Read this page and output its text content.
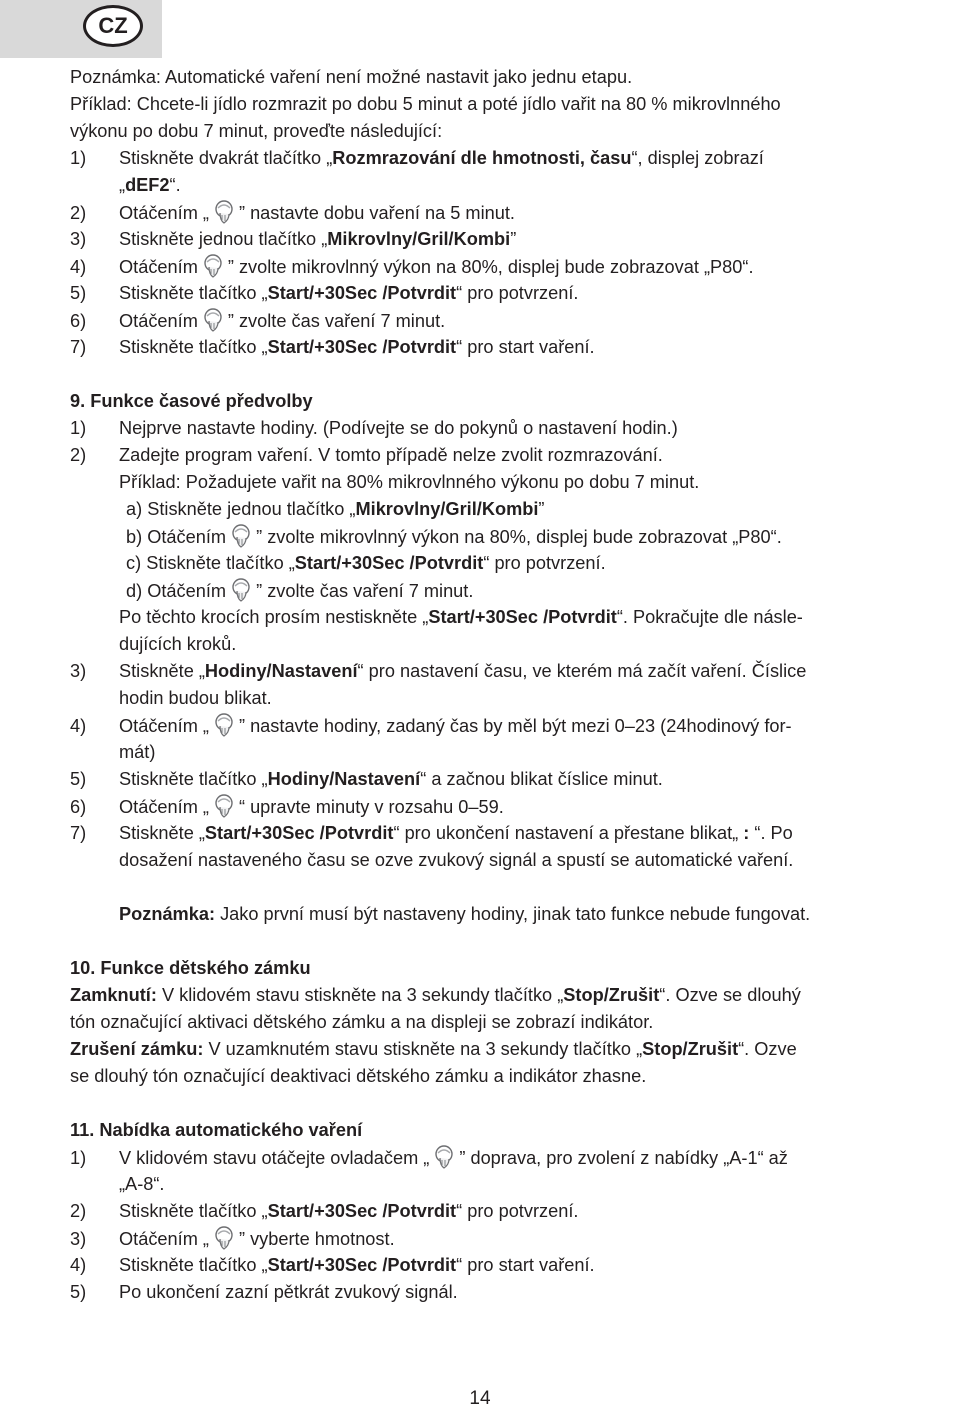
CZ
Poznámka: Automatické vaření není možné nastavit jako jednu etapu.
Příklad: Chcete-li jídlo rozmrazit po dobu 5 minut a poté jídlo vařit na 80 % mikrovlnného
výkonu po dobu 7 minut, proveďte následující:
1) Stiskněte dvakrát tlačítko „Rozmrazování dle hmotnosti, času“, displej zobrazí
„dEF2“.
2) Otáčením „ ” nastavte dobu vaření na 5 minut.
3) Stiskněte jednou tlačítko „Mikrovlny/Gril/Kombi”
4) Otáčením ” zvolte mikrovlnný výkon na 80%, displej bude zobrazovat „P80“.
5) Stiskněte tlačítko „Start/+30Sec /Potvrdit“ pro potvrzení.
6) Otáčením ” zvolte čas vaření 7 minut.
7) Stiskněte tlačítko „Start/+30Sec /Potvrdit“ pro start vaření.
9. Funkce časové předvolby
1) Nejprve nastavte hodiny. (Podívejte se do pokynů o nastavení hodin.)
2) Zadejte program vaření. V tomto případě nelze zvolit rozmrazování.
Příklad: Požadujete vařit na 80% mikrovlnného výkonu po dobu 7 minut.
a) Stiskněte jednou tlačítko „Mikrovlny/Gril/Kombi”
b) Otáčením ” zvolte mikrovlnný výkon na 80%, displej bude zobrazovat „P80“.
c) Stiskněte tlačítko „Start/+30Sec /Potvrdit“ pro potvrzení.
d) Otáčením ” zvolte čas vaření 7 minut.
Po těchto krocích prosím nestiskněte „Start/+30Sec /Potvrdit“. Pokračujte dle násle-
dujících kroků.
3) Stiskněte „Hodiny/Nastavení“ pro nastavení času, ve kterém má začít vaření. Číslice
hodin budou blikat.
4) Otáčením „ ” nastavte hodiny, zadaný čas by měl být mezi 0–23 (24hodinový for-
mát)
5) Stiskněte tlačítko „Hodiny/Nastavení“ a začnou blikat číslice minut.
6) Otáčením „ “ upravte minuty v rozsahu 0–59.
7) Stiskněte „Start/+30Sec /Potvrdit“ pro ukončení nastavení a přestane blikat„ : “. Po
dosažení nastaveného času se ozve zvukový signál a spustí se automatické vaření.
Poznámka: Jako první musí být nastaveny hodiny, jinak tato funkce nebude fungovat.
10. Funkce dětského zámku
Zamknutí: V klidovém stavu stiskněte na 3 sekundy tlačítko „Stop/Zrušit“. Ozve se dlouhý
tón označující aktivaci dětského zámku a na displeji se zobrazí indikátor.
Zrušení zámku: V uzamknutém stavu stiskněte na 3 sekundy tlačítko „Stop/Zrušit“. Ozve
se dlouhý tón označující deaktivaci dětského zámku a indikátor zhasne.
11. Nabídka automatického vaření
1) V klidovém stavu otáčejte ovladačem „ ” doprava, pro zvolení z nabídky „A-1“ až
„A-8“.
2) Stiskněte tlačítko „Start/+30Sec /Potvrdit“ pro potvrzení.
3) Otáčením „ ” vyberte hmotnost.
4) Stiskněte tlačítko „Start/+30Sec /Potvrdit“ pro start vaření.
5) Po ukončení zazní pětkrát zvukový signál.
14
